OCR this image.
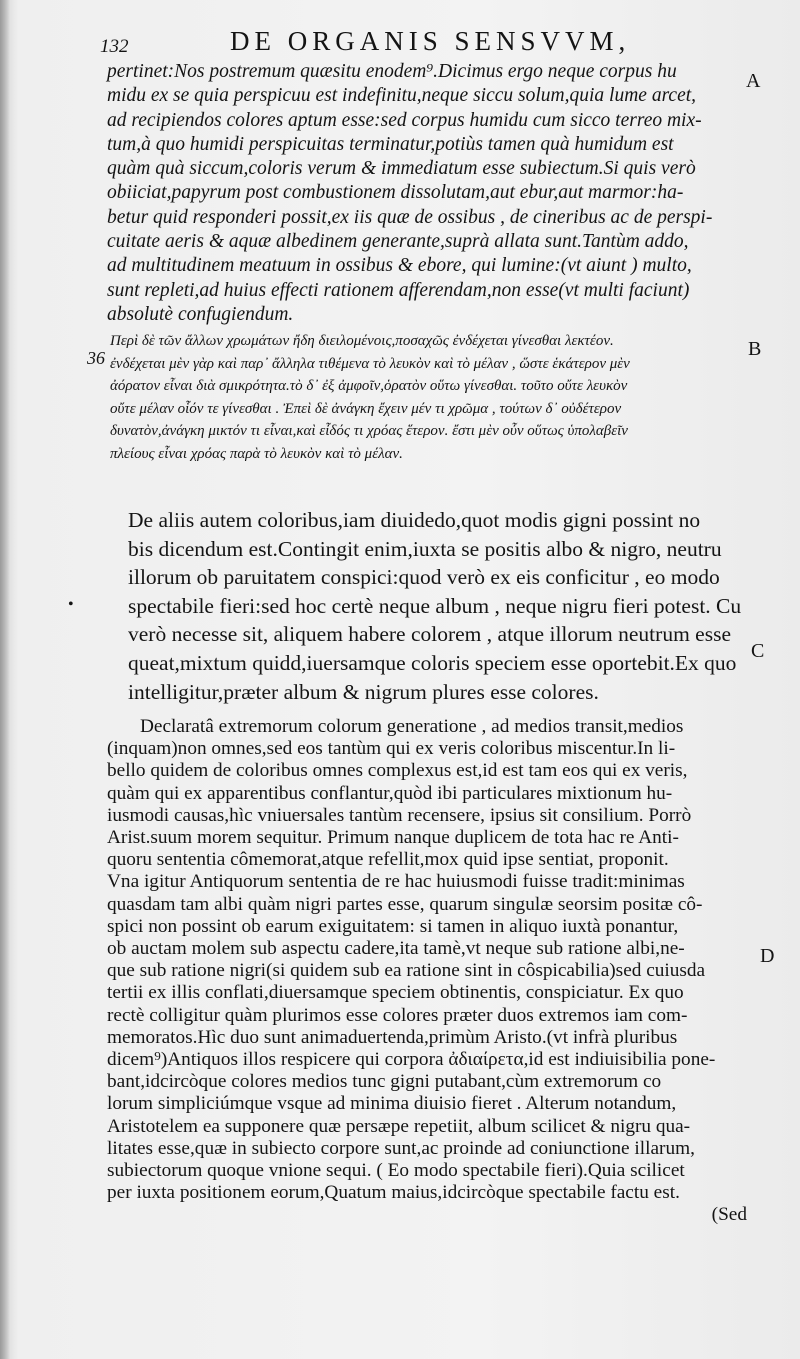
132	DE ORGANIS SENSVVM,
A
B
C
D
36
•
pertinet:Nos postremum quæsitu enodem⁹.Dicimus ergo neque corpus hu
midu ex se quia perspicuu est indefinitu,neque siccu solum,quia lume arcet,
ad recipiendos colores aptum esse:sed corpus humidu cum sicco terreo mix-
tum,à quo humidi perspicuitas terminatur,potiùs tamen quà humidum est
quàm quà siccum,coloris verum & immediatum esse subiectum.Si quis verò
obiiciat,papyrum post combustionem dissolutam,aut ebur,aut marmor:ha-
betur quid responderi possit,ex iis quæ de ossibus , de cineribus ac de perspi-
cuitate aeris & aquæ albedinem generante,suprà allata sunt.Tantùm addo,
ad multitudinem meatuum in ossibus & ebore, qui lumine:(vt aiunt ) multo,
sunt repleti,ad huius effecti rationem afferendam,non esse(vt multi faciunt)
absolutè confugiendum.
Περὶ δὲ τῶν ἄλλων χρωμάτων ἤδη διειλομένοις,ποσαχῶς ἐνδέχεται γίνεσθαι λεκτέον.
ἐνδέχεται μὲν γὰρ καὶ παρ᾽ ἄλληλα τιθέμενα τὸ λευκὸν καὶ τὸ μέλαν , ὥστε ἑκάτερον μὲν
ἀόρατον εἶναι διὰ σμικρότητα.τὸ δ᾽ ἐξ ἀμφοῖν,ὁρατὸν οὕτω γίνεσθαι. τοῦτο οὔτε λευκὸν
οὔτε μέλαν οἷόν τε γίνεσθαι . Ἐπεὶ δὲ ἀνάγκη ἔχειν μέν τι χρῶμα , τούτων δ᾽ οὐδέτερον
δυνατὸν,ἀνάγκη μικτόν τι εἶναι,καὶ εἶδός τι χρόας ἕτερον. ἔστι μὲν οὖν οὕτως ὑπολαβεῖν
πλείους εἶναι χρόας παρὰ τὸ λευκὸν καὶ τὸ μέλαν.
De aliis autem coloribus,iam diuidedo,quot modis gigni possint no
bis dicendum est.Contingit enim,iuxta se positis albo & nigro, neutru
illorum ob paruitatem conspici:quod verò ex eis conficitur , eo modo
spectabile fieri:sed hoc certè neque album , neque nigru fieri potest. Cu
verò necesse sit, aliquem habere colorem , atque illorum neutrum esse
queat,mixtum quidd,iuersamque coloris speciem esse oportebit.Ex quo
intelligitur,præter album & nigrum plures esse colores.
Declaratâ extremorum colorum generatione , ad medios transit,medios
(inquam)non omnes,sed eos tantùm qui ex veris coloribus miscentur.In li-
bello quidem de coloribus omnes complexus est,id est tam eos qui ex veris,
quàm qui ex apparentibus conflantur,quòd ibi particulares mixtionum hu-
iusmodi causas,hìc vniuersales tantùm recensere, ipsius sit consilium. Porrò
Arist.suum morem sequitur. Primum nanque duplicem de tota hac re Anti-
quoru sententia cômemorat,atque refellit,mox quid ipse sentiat, proponit.
Vna igitur Antiquorum sententia de re hac huiusmodi fuisse tradit:minimas
quasdam tam albi quàm nigri partes esse, quarum singulæ seorsim positæ cô-
spici non possint ob earum exiguitatem: si tamen in aliquo iuxtà ponantur,
ob auctam molem sub aspectu cadere,ita tamè,vt neque sub ratione albi,ne-
que sub ratione nigri(si quidem sub ea ratione sint in côspicabilia)sed cuiusda
tertii ex illis conflati,diuersamque speciem obtinentis, conspiciatur. Ex quo
rectè colligitur quàm plurimos esse colores præter duos extremos iam com-
memoratos.Hìc duo sunt animaduertenda,primùm Aristo.(vt infrà pluribus
dicem⁹)Antiquos illos respicere qui corpora ἀδιαίρετα,id est indiuisibilia pone-
bant,idcircòque colores medios tunc gigni putabant,cùm extremorum co
lorum simpliciúmque vsque ad minima diuisio fieret . Alterum notandum,
Aristotelem ea supponere quæ persæpe repetiit, album scilicet & nigru qua-
litates esse,quæ in subiecto corpore sunt,ac proinde ad coniunctione illarum,
subiectorum quoque vnione sequi. ( Eo modo spectabile fieri).Quia scilicet
per iuxta positionem eorum,Quatum maius,idcircòque spectabile factu est.
(Sed
